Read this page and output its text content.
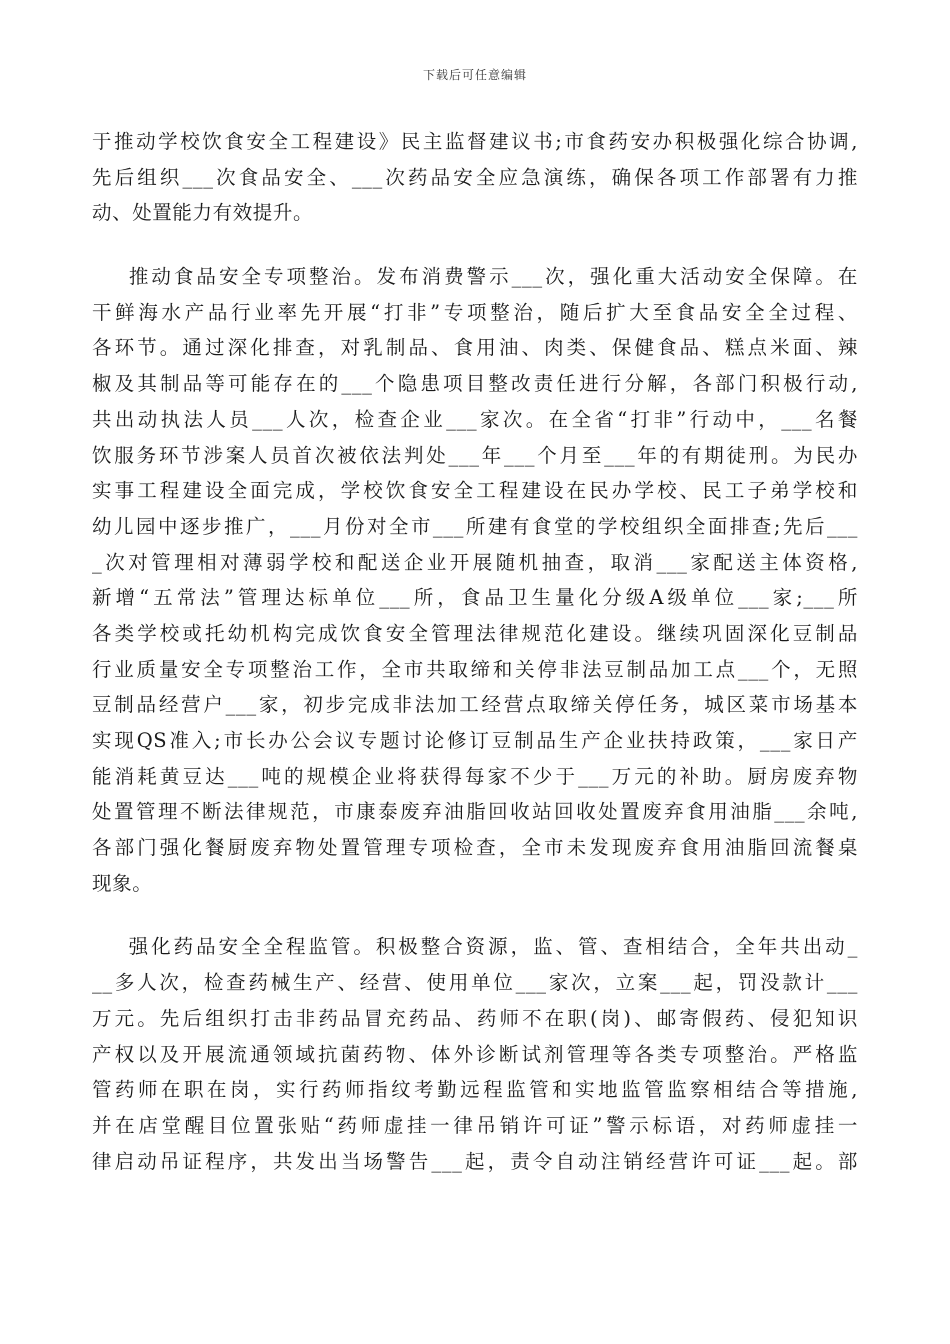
下载后可任意编辑
于推动学校饮食安全工程建设》民主监督建议书;市食药安办积极强化综合协调,
先后组织___次食品安全、___次药品安全应急演练，确保各项工作部署有力推
动、处置能力有效提升。
推动食品安全专项整治。发布消费警示___次，强化重大活动安全保障。在
干鲜海水产品行业率先开展“打非”专项整治，随后扩大至食品安全全过程、
各环节。通过深化排查，对乳制品、食用油、肉类、保健食品、糕点米面、辣
椒及其制品等可能存在的___个隐患项目整改责任进行分解，各部门积极行动,
共出动执法人员___人次，检查企业___家次。在全省“打非”行动中，___名餐
饮服务环节涉案人员首次被依法判处___年___个月至___年的有期徒刑。为民办
实事工程建设全面完成，学校饮食安全工程建设在民办学校、民工子弟学校和
幼儿园中逐步推广，___月份对全市___所建有食堂的学校组织全面排查;先后___
_次对管理相对薄弱学校和配送企业开展随机抽查，取消___家配送主体资格,
新增“五常法”管理达标单位___所，食品卫生量化分级A级单位___家;___所
各类学校或托幼机构完成饮食安全管理法律规范化建设。继续巩固深化豆制品
行业质量安全专项整治工作，全市共取缔和关停非法豆制品加工点___个，无照
豆制品经营户___家，初步完成非法加工经营点取缔关停任务，城区菜市场基本
实现QS准入;市长办公会议专题讨论修订豆制品生产企业扶持政策，___家日产
能消耗黄豆达___吨的规模企业将获得每家不少于___万元的补助。厨房废弃物
处置管理不断法律规范，市康泰废弃油脂回收站回收处置废弃食用油脂___余吨,
各部门强化餐厨废弃物处置管理专项检查，全市未发现废弃食用油脂回流餐桌
现象。
强化药品安全全程监管。积极整合资源，监、管、查相结合，全年共出动_
__多人次，检查药械生产、经营、使用单位___家次，立案___起，罚没款计___
万元。先后组织打击非药品冒充药品、药师不在职(岗)、邮寄假药、侵犯知识
产权以及开展流通领域抗菌药物、体外诊断试剂管理等各类专项整治。严格监
管药师在职在岗，实行药师指纹考勤远程监管和实地监管监察相结合等措施,
并在店堂醒目位置张贴“药师虚挂一律吊销许可证”警示标语，对药师虚挂一
律启动吊证程序，共发出当场警告___起，责令自动注销经营许可证___起。部
